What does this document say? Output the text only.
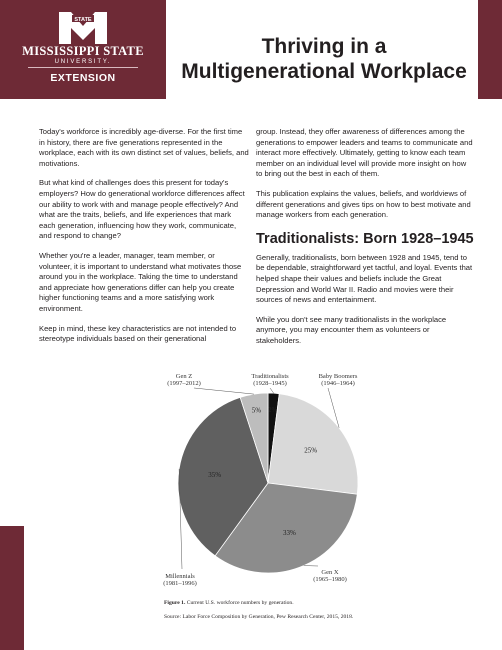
STATE
MISSISSIPPI STATE
UNIVERSITY.
EXTENSION
Thriving in a
Multigenerational Workplace

Today's workforce is incredibly age-diverse. For the first time in history, there are five generations represented in the workplace, each with its own distinct set of values, beliefs, and motivations.

But what kind of challenges does this present for today's employers? How do generational workforce differences affect our ability to work with and manage people effectively? And what are the traits, beliefs, and life experiences that mark each generation, influencing how they work, communicate, and respond to change?

Whether you're a leader, manager, team member, or volunteer, it is important to understand what motivates those around you in the workplace. Taking the time to understand and appreciate how generations differ can help you create higher functioning teams and a more satisfying work environment.

Keep in mind, these key characteristics are not intended to stereotype individuals based on their generational

group. Instead, they offer awareness of differences among the generations to empower leaders and teams to communicate and interact more effectively. Ultimately, getting to know each team member on an individual level will provide more insight on how to bring out the best in each of them.

This publication explains the values, beliefs, and worldviews of different generations and gives tips on how to best motivate and manage workers from each generation.

Traditionalists: Born 1928–1945

Generally, traditionalists, born between 1928 and 1945, tend to be dependable, straightforward yet tactful, and loyal. Events that helped shape their values and beliefs include the Great Depression and World War II. Radio and movies were their sources of news and entertainment.

While you don't see many traditionalists in the workplace anymore, you may encounter them as volunteers or stakeholders.

2%
Traditionalists (1928–1945)
25%
Baby Boomers (1946–1964)
33%
Gen X (1965–1980)
35%
Millennials (1981–1996)
5%
Gen Z (1997–2012)
Figure 1. Current U.S. workforce numbers by generation.
Source: Labor Force Composition by Generation, Pew Research Center, 2015, 2018.
